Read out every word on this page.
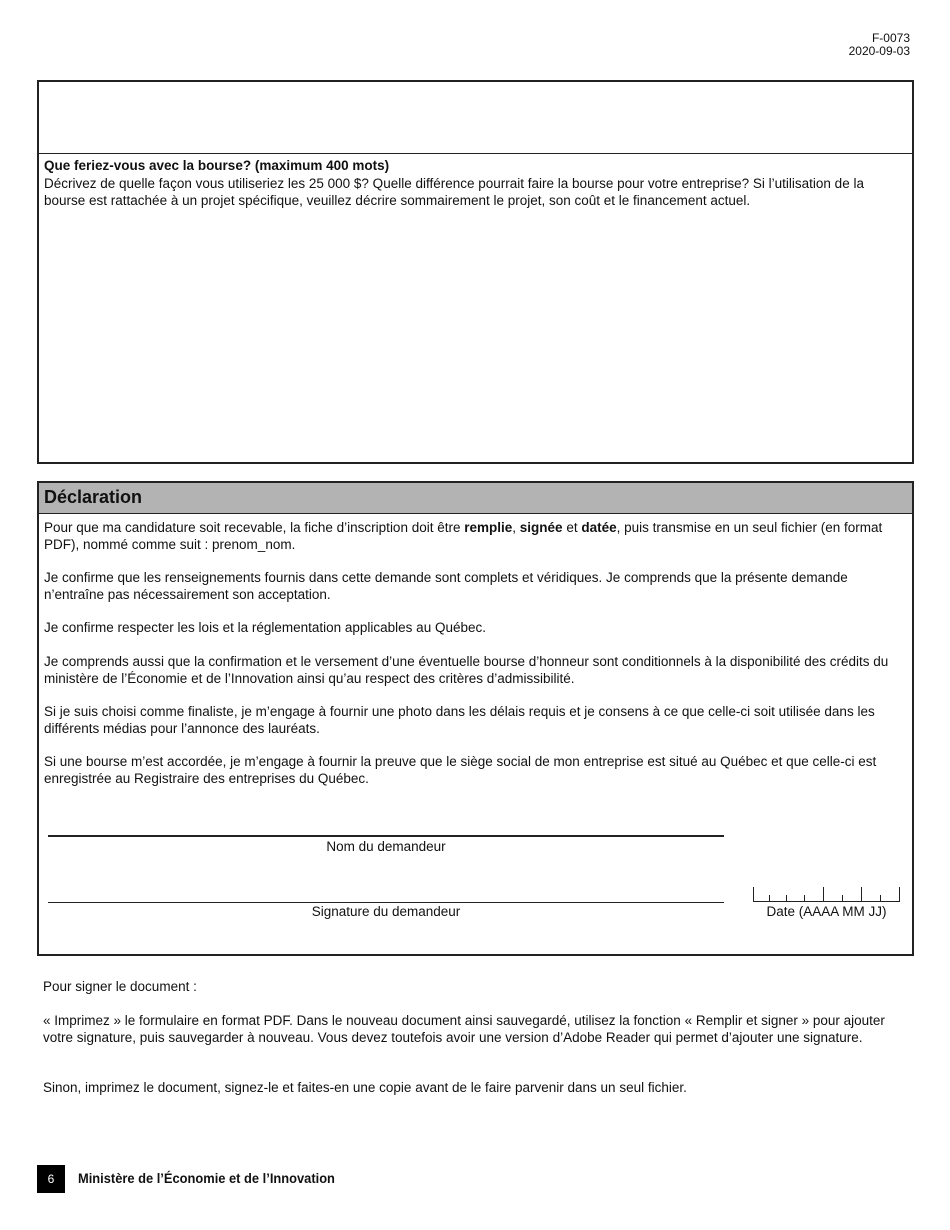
F-0073
2020-09-03

Que feriez-vous avec la bourse? (maximum 400 mots)

Décrivez de quelle façon vous utiliseriez les 25 000 $? Quelle différence pourrait faire la bourse pour votre entreprise? Si l’utilisation de la bourse est rattachée à un projet spécifique, veuillez décrire sommairement le projet, son coût et le financement actuel.

Déclaration

Pour que ma candidature soit recevable, la fiche d’inscription doit être remplie, signée et datée, puis transmise en un seul fichier (en format PDF), nommé comme suit : prenom_nom.

Je confirme que les renseignements fournis dans cette demande sont complets et véridiques. Je comprends que la présente demande n’entraîne pas nécessairement son acceptation.

Je confirme respecter les lois et la réglementation applicables au Québec.

Je comprends aussi que la confirmation et le versement d’une éventuelle bourse d’honneur sont conditionnels à la disponibilité des crédits du ministère de l’Économie et de l’Innovation ainsi qu’au respect des critères d’admissibilité.

Si je suis choisi comme finaliste, je m’engage à fournir une photo dans les délais requis et je consens à ce que celle-ci soit utilisée dans les différents médias pour l’annonce des lauréats.

Si une bourse m’est accordée, je m’engage à fournir la preuve que le siège social de mon entreprise est situé au Québec et que celle-ci est enregistrée au Registraire des entreprises du Québec.

Nom du demandeur
Signature du demandeur	Date (AAAA MM JJ)

Pour signer le document :

« Imprimez » le formulaire en format PDF. Dans le nouveau document ainsi sauvegardé, utilisez la fonction « Remplir et signer » pour ajouter votre signature, puis sauvegarder à nouveau. Vous devez toutefois avoir une version d’Adobe Reader qui permet d’ajouter une signature.

Sinon, imprimez le document, signez-le et faites-en une copie avant de le faire parvenir dans un seul fichier.

6	Ministère de l’Économie et de l’Innovation
